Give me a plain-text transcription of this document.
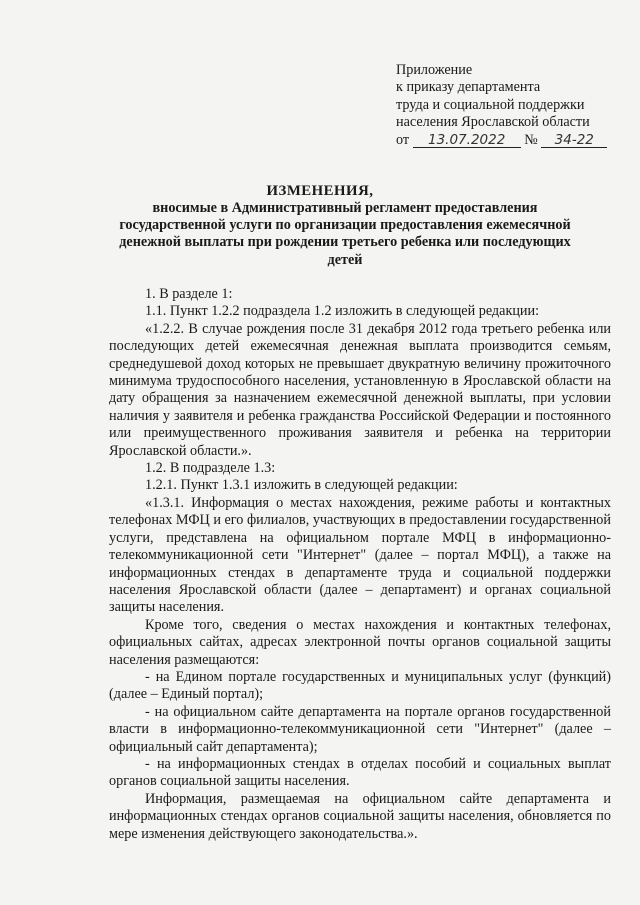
Приложение
к приказу департамента
труда и социальной поддержки
населения Ярославской области
от 13.07.2022 № 34-22
ИЗМЕНЕНИЯ,
вносимые в Административный регламент предоставления государственной услуги по организации предоставления ежемесячной денежной выплаты при рождении третьего ребенка или последующих детей

1. В разделе 1:

1.1. Пункт 1.2.2 подраздела 1.2 изложить в следующей редакции:

«1.2.2. В случае рождения после 31 декабря 2012 года третьего ребенка или последующих детей ежемесячная денежная выплата производится семьям, среднедушевой доход которых не превышает двукратную величину прожиточного минимума трудоспособного населения, установленную в Ярославской области на дату обращения за назначением ежемесячной денежной выплаты, при условии наличия у заявителя и ребенка гражданства Российской Федерации и постоянного или преимущественного проживания заявителя и ребенка на территории Ярославской области.».

1.2. В подразделе 1.3:

1.2.1. Пункт 1.3.1 изложить в следующей редакции:

«1.3.1. Информация о местах нахождения, режиме работы и контактных телефонах МФЦ и его филиалов, участвующих в предоставлении государственной услуги, представлена на официальном портале МФЦ в информационно-телекоммуникационной сети "Интернет" (далее – портал МФЦ), а также на информационных стендах в департаменте труда и социальной поддержки населения Ярославской области (далее – департамент) и органах социальной защиты населения.

Кроме того, сведения о местах нахождения и контактных телефонах, официальных сайтах, адресах электронной почты органов социальной защиты населения размещаются:

- на Едином портале государственных и муниципальных услуг (функций) (далее – Единый портал);

- на официальном сайте департамента на портале органов государственной власти в информационно-телекоммуникационной сети "Интернет" (далее – официальный сайт департамента);

- на информационных стендах в отделах пособий и социальных выплат органов социальной защиты населения.

Информация, размещаемая на официальном сайте департамента и информационных стендах органов социальной защиты населения, обновляется по мере изменения действующего законодательства.».
